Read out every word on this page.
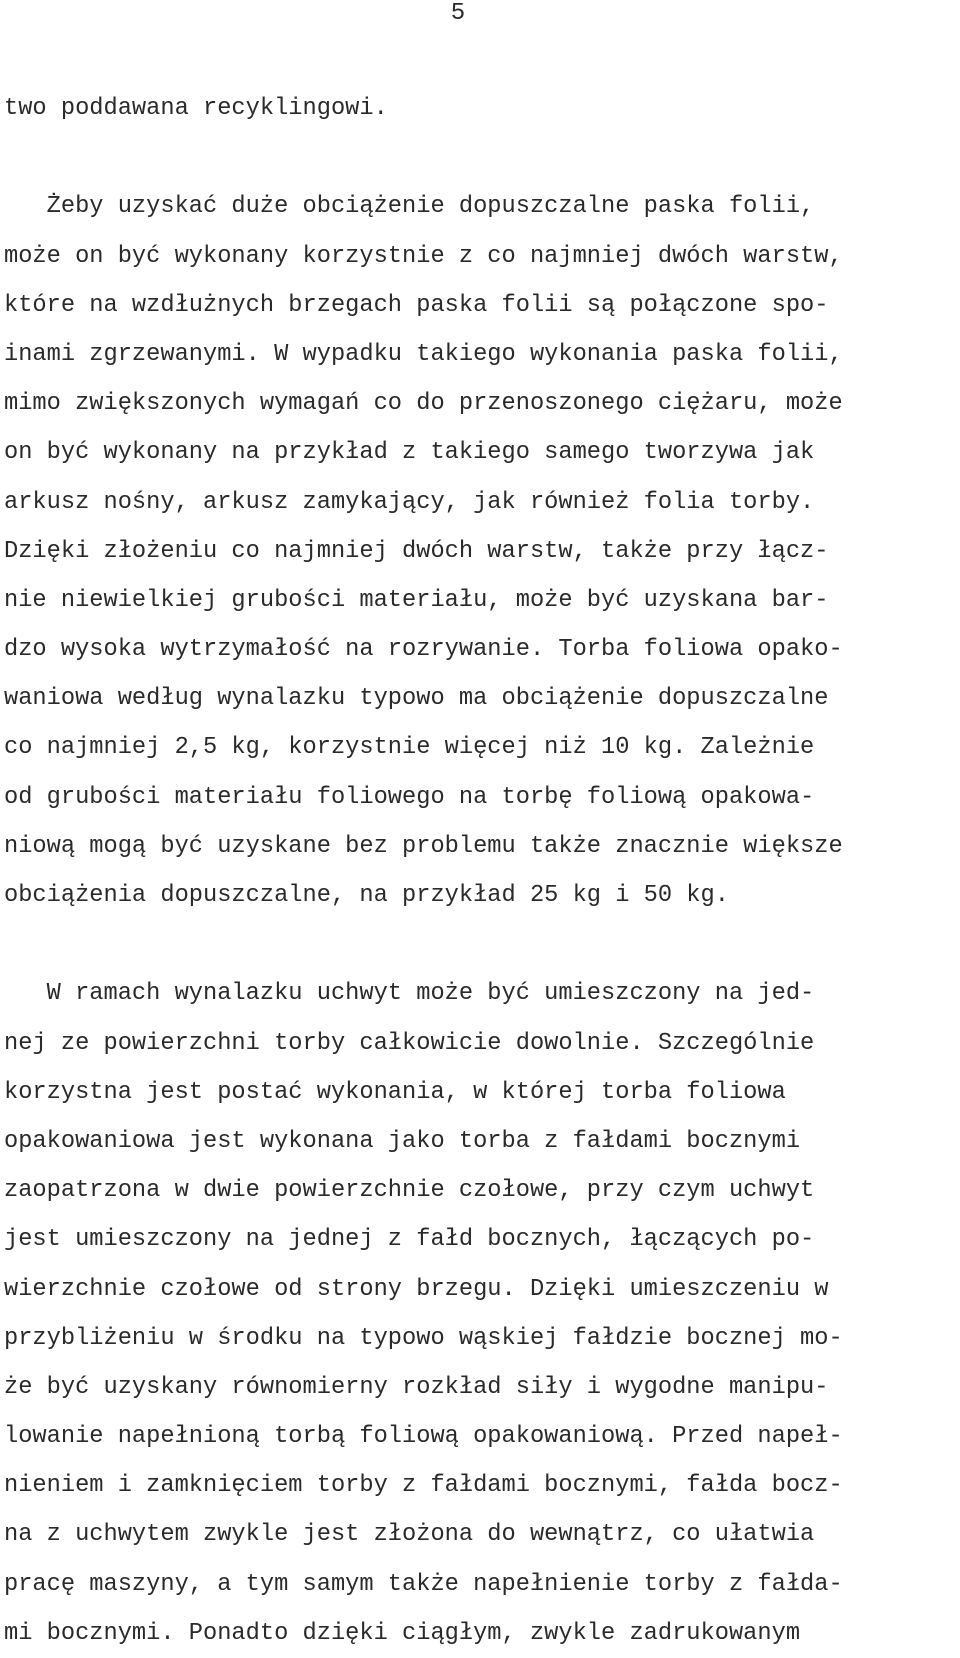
5
two poddawana recyklingowi.
Żeby uzyskać duże obciążenie dopuszczalne paska folii,
może on być wykonany korzystnie z co najmniej dwóch warstw,
które na wzdłużnych brzegach paska folii są połączone spo-
inami zgrzewanymi. W wypadku takiego wykonania paska folii,
mimo zwiększonych wymagań co do przenoszonego ciężaru, może
on być wykonany na przykład z takiego samego tworzywa jak
arkusz nośny, arkusz zamykający, jak również folia torby.
Dzięki złożeniu co najmniej dwóch warstw, także przy łącz-
nie niewielkiej grubości materiału, może być uzyskana bar-
dzo wysoka wytrzymałość na rozrywanie. Torba foliowa opako-
waniowa według wynalazku typowo ma obciążenie dopuszczalne
co najmniej 2,5 kg, korzystnie więcej niż 10 kg. Zależnie
od grubości materiału foliowego na torbę foliową opakowa-
niową mogą być uzyskane bez problemu także znacznie większe
obciążenia dopuszczalne, na przykład 25 kg i 50 kg.
W ramach wynalazku uchwyt może być umieszczony na jed-
nej ze powierzchni torby całkowicie dowolnie. Szczególnie
korzystna jest postać wykonania, w której torba foliowa
opakowaniowa jest wykonana jako torba z fałdami bocznymi
zaopatrzona w dwie powierzchnie czołowe, przy czym uchwyt
jest umieszczony na jednej z fałd bocznych, łączących po-
wierzchnie czołowe od strony brzegu. Dzięki umieszczeniu w
przybliżeniu w środku na typowo wąskiej fałdzie bocznej mo-
że być uzyskany równomierny rozkład siły i wygodne manipu-
lowanie napełnioną torbą foliową opakowaniową. Przed napeł-
nieniem i zamknięciem torby z fałdami bocznymi, fałda bocz-
na z uchwytem zwykle jest złożona do wewnątrz, co ułatwia
pracę maszyny, a tym samym także napełnienie torby z fałda-
mi bocznymi. Ponadto dzięki ciągłym, zwykle zadrukowanym
